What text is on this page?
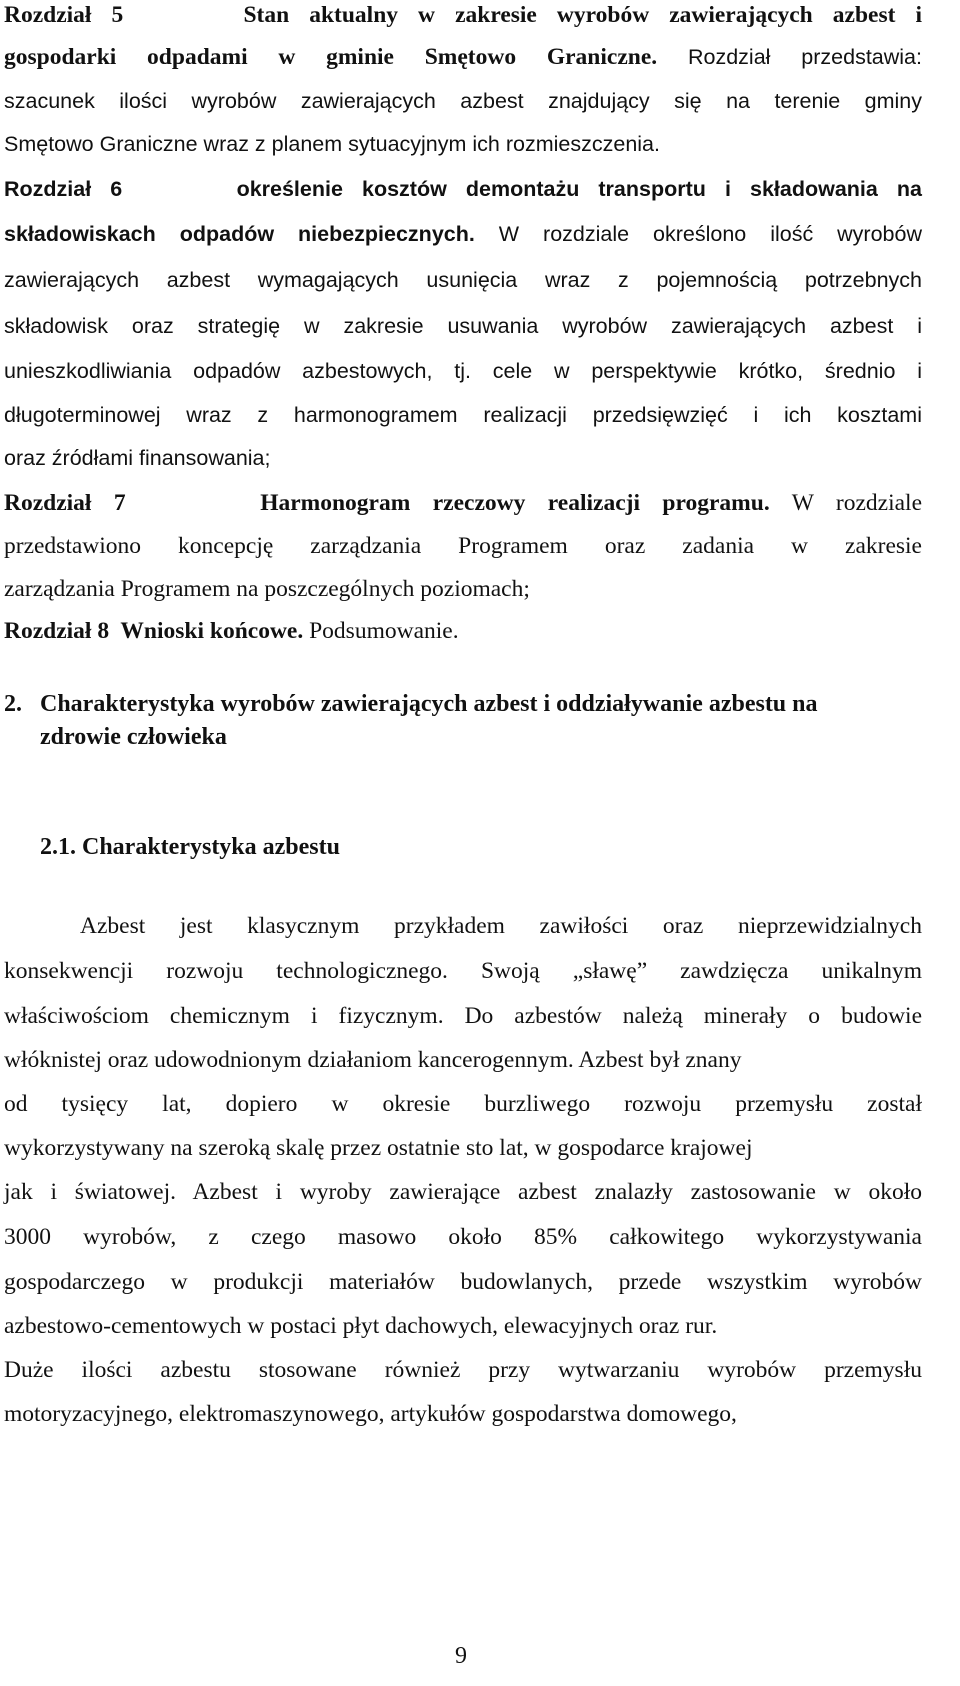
Rozdział 5      Stan aktualny w zakresie wyrobów zawierających azbest i
gospodarki odpadami w gminie Smętowo Graniczne. Rozdział przedstawia:
szacunek ilości wyrobów zawierających azbest znajdujący się na terenie gminy
Smętowo Graniczne wraz z planem sytuacyjnym ich rozmieszczenia.
Rozdział 6      określenie kosztów demontażu transportu i składowania na
składowiskach odpadów niebezpiecznych. W rozdziale określono ilość wyrobów
zawierających azbest wymagających usunięcia wraz z pojemnością potrzebnych
składowisk oraz strategię w zakresie usuwania wyrobów zawierających azbest i
unieszkodliwiania odpadów azbestowych, tj. cele w perspektywie krótko, średnio i
długoterminowej wraz z harmonogramem realizacji przedsięwzięć i ich kosztami
oraz źródłami finansowania;
Rozdział 7      Harmonogram rzeczowy realizacji programu. W rozdziale
przedstawiono koncepcję zarządzania Programem oraz zadania w zakresie
zarządzania Programem na poszczególnych poziomach;
Rozdział 8  Wnioski końcowe. Podsumowanie.
2. Charakterystyka wyrobów zawierających azbest i oddziaływanie azbestu na
zdrowie człowieka
2.1. Charakterystyka azbestu
Azbest jest klasycznym przykładem zawiłości oraz nieprzewidzialnych
konsekwencji rozwoju technologicznego. Swoją „sławę” zawdzięcza unikalnym
właściwościom chemicznym i fizycznym. Do azbestów należą minerały o budowie
włóknistej oraz udowodnionym działaniom kancerogennym. Azbest był znany
od tysięcy lat, dopiero w okresie burzliwego rozwoju przemysłu został
wykorzystywany na szeroką skalę przez ostatnie sto lat, w gospodarce krajowej
jak i światowej. Azbest i wyroby zawierające azbest znalazły zastosowanie w około
3000 wyrobów, z czego masowo około 85% całkowitego wykorzystywania
gospodarczego w produkcji materiałów budowlanych, przede wszystkim wyrobów
azbestowo-cementowych w postaci płyt dachowych, elewacyjnych oraz rur.
Duże ilości azbestu stosowane również przy wytwarzaniu wyrobów przemysłu
motoryzacyjnego, elektromaszynowego, artykułów gospodarstwa domowego,
9
